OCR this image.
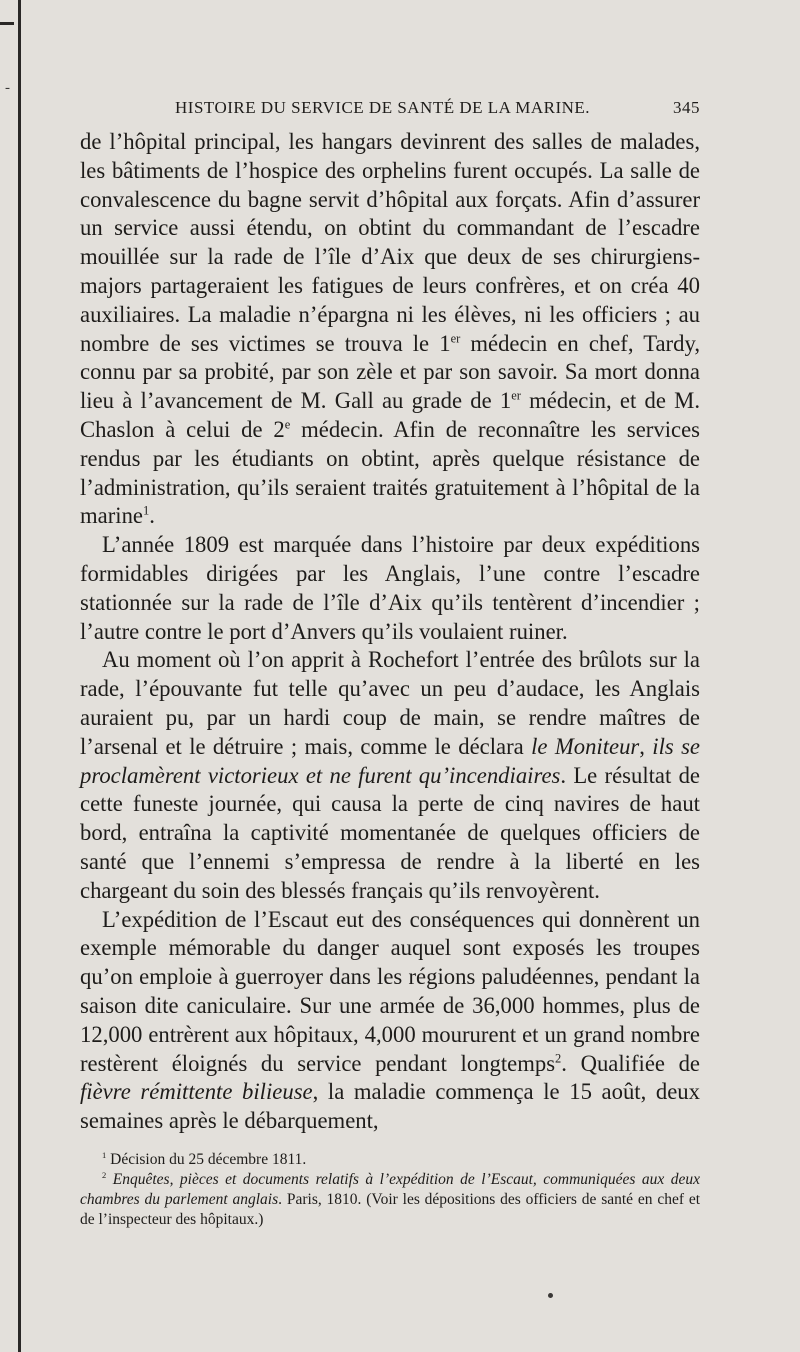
-
HISTOIRE DU SERVICE DE SANTÉ DE LA MARINE.	345

de l’hôpital principal, les hangars devinrent des salles de malades, les bâtiments de l’hospice des orphelins furent occupés. La salle de convalescence du bagne servit d’hôpital aux forçats. Afin d’assurer un service aussi étendu, on obtint du commandant de l’escadre mouillée sur la rade de l’île d’Aix que deux de ses chirurgiens-majors partageraient les fatigues de leurs confrères, et on créa 40 auxiliaires. La maladie n’épargna ni les élèves, ni les officiers ; au nombre de ses victimes se trouva le 1er médecin en chef, Tardy, connu par sa probité, par son zèle et par son savoir. Sa mort donna lieu à l’avancement de M. Gall au grade de 1er médecin, et de M. Chaslon à celui de 2e médecin. Afin de reconnaître les services rendus par les étudiants on obtint, après quelque résistance de l’administration, qu’ils seraient traités gratuitement à l’hôpital de la marine$^1$.

L’année 1809 est marquée dans l’histoire par deux expéditions formidables dirigées par les Anglais, l’une contre l’escadre stationnée sur la rade de l’île d’Aix qu’ils tentèrent d’incendier ; l’autre contre le port d’Anvers qu’ils voulaient ruiner.

Au moment où l’on apprit à Rochefort l’entrée des brûlots sur la rade, l’épouvante fut telle qu’avec un peu d’audace, les Anglais auraient pu, par un hardi coup de main, se rendre maîtres de l’arsenal et le détruire ; mais, comme le déclara le Moniteur, ils se proclamèrent victorieux et ne furent qu’incendiaires. Le résultat de cette funeste journée, qui causa la perte de cinq navires de haut bord, entraîna la captivité momentanée de quelques officiers de santé que l’ennemi s’empressa de rendre à la liberté en les chargeant du soin des blessés français qu’ils renvoyèrent.

L’expédition de l’Escaut eut des conséquences qui donnèrent un exemple mémorable du danger auquel sont exposés les troupes qu’on emploie à guerroyer dans les régions paludéennes, pendant la saison dite caniculaire. Sur une armée de 36,000 hommes, plus de 12,000 entrèrent aux hôpitaux, 4,000 moururent et un grand nombre restèrent éloignés du service pendant longtemps$^2$. Qualifiée de fièvre rémittente bilieuse, la maladie commença le 15 août, deux semaines après le débarquement,

$^1$ Décision du 25 décembre 1811.

$^2$ Enquêtes, pièces et documents relatifs à l’expédition de l’Escaut, communiquées aux deux chambres du parlement anglais. Paris, 1810. (Voir les dépositions des officiers de santé en chef et de l’inspecteur des hôpitaux.)
